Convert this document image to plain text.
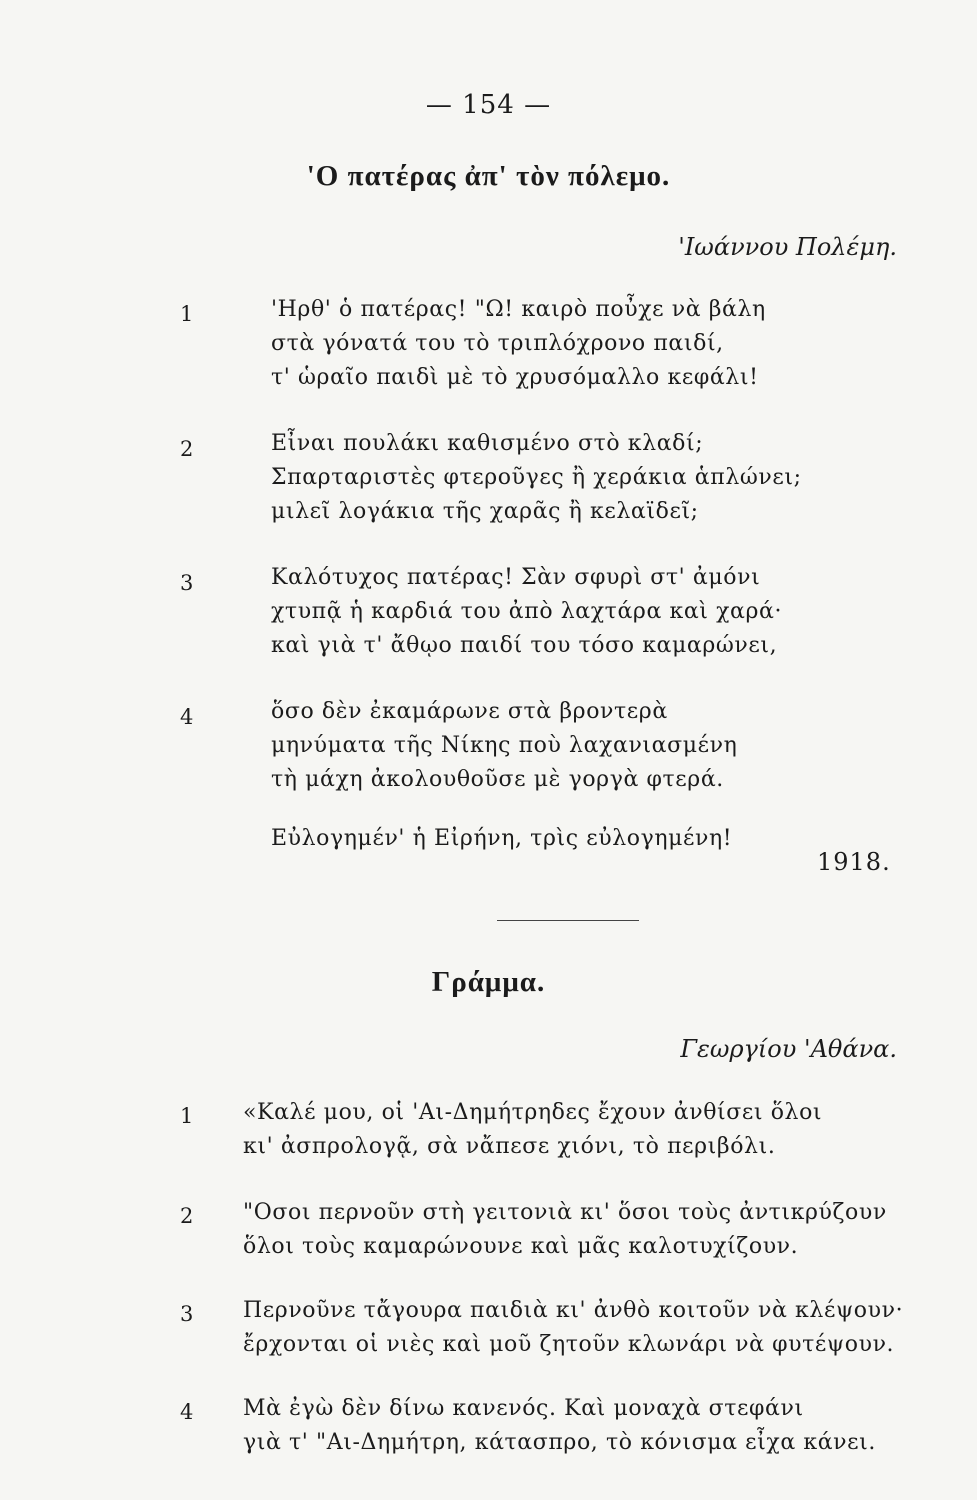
— 154 —
'Ο πατέρας ἀπ' τὸν πόλεμο.
'Ιωάννου Πολέμη.
1	'Ηρθ' ὁ πατέρας! "Ω! καιρὸ ποὖχε νὰ βάλη
στὰ γόνατά του τὸ τριπλόχρονο παιδί,
τ' ὡραῖο παιδὶ μὲ τὸ χρυσόμαλλο κεφάλι!
2	Εἶναι πουλάκι καθισμένο στὸ κλαδί;
Σπαρταριστὲς φτεροῦγες ἢ χεράκια ἁπλώνει;
μιλεῖ λογάκια τῆς χαρᾶς ἢ κελαϊδεῖ;
3	Καλότυχος πατέρας! Σὰν σφυρὶ στ' ἀμόνι
χτυπᾷ ἡ καρδιά του ἀπὸ λαχτάρα καὶ χαρά·
καὶ γιὰ τ' ἄθῳο παιδί του τόσο καμαρώνει,
4	ὅσο δὲν ἐκαμάρωνε στὰ βροντερὰ
μηνύματα τῆς Νίκης ποὺ λαχανιασμένη
τὴ μάχη ἀκολουθοῦσε μὲ γοργὰ φτερά.
Εὐλογημέν' ἡ Εἰρήνη, τρὶς εὐλογημένη!
1918.
Γράμμα.
Γεωργίου 'Αθάνα.
1 «Καλέ μου, οἱ 'Αι-Δημήτρηδες ἔχουν ἀνθίσει ὅλοι
κι' ἀσπρολογᾷ, σὰ νἄπεσε χιόνι, τὸ περιβόλι.
2 "Οσοι περνοῦν στὴ γειτονιὰ κι' ὅσοι τοὺς ἀντικρύζουν
ὅλοι τοὺς καμαρώνουνε καὶ μᾶς καλοτυχίζουν.
3 Περνοῦνε τἄγουρα παιδιὰ κι' ἀνθὸ κοιτοῦν νὰ κλέψουν·
ἔρχονται οἱ νιὲς καὶ μοῦ ζητοῦν κλωνάρι νὰ φυτέψουν.
4 Μὰ ἐγὼ δὲν δίνω κανενός. Καὶ μοναχὰ στεφάνι
γιὰ τ' "Αι-Δημήτρη, κάτασπρο, τὸ κόνισμα εἶχα κάνει.
